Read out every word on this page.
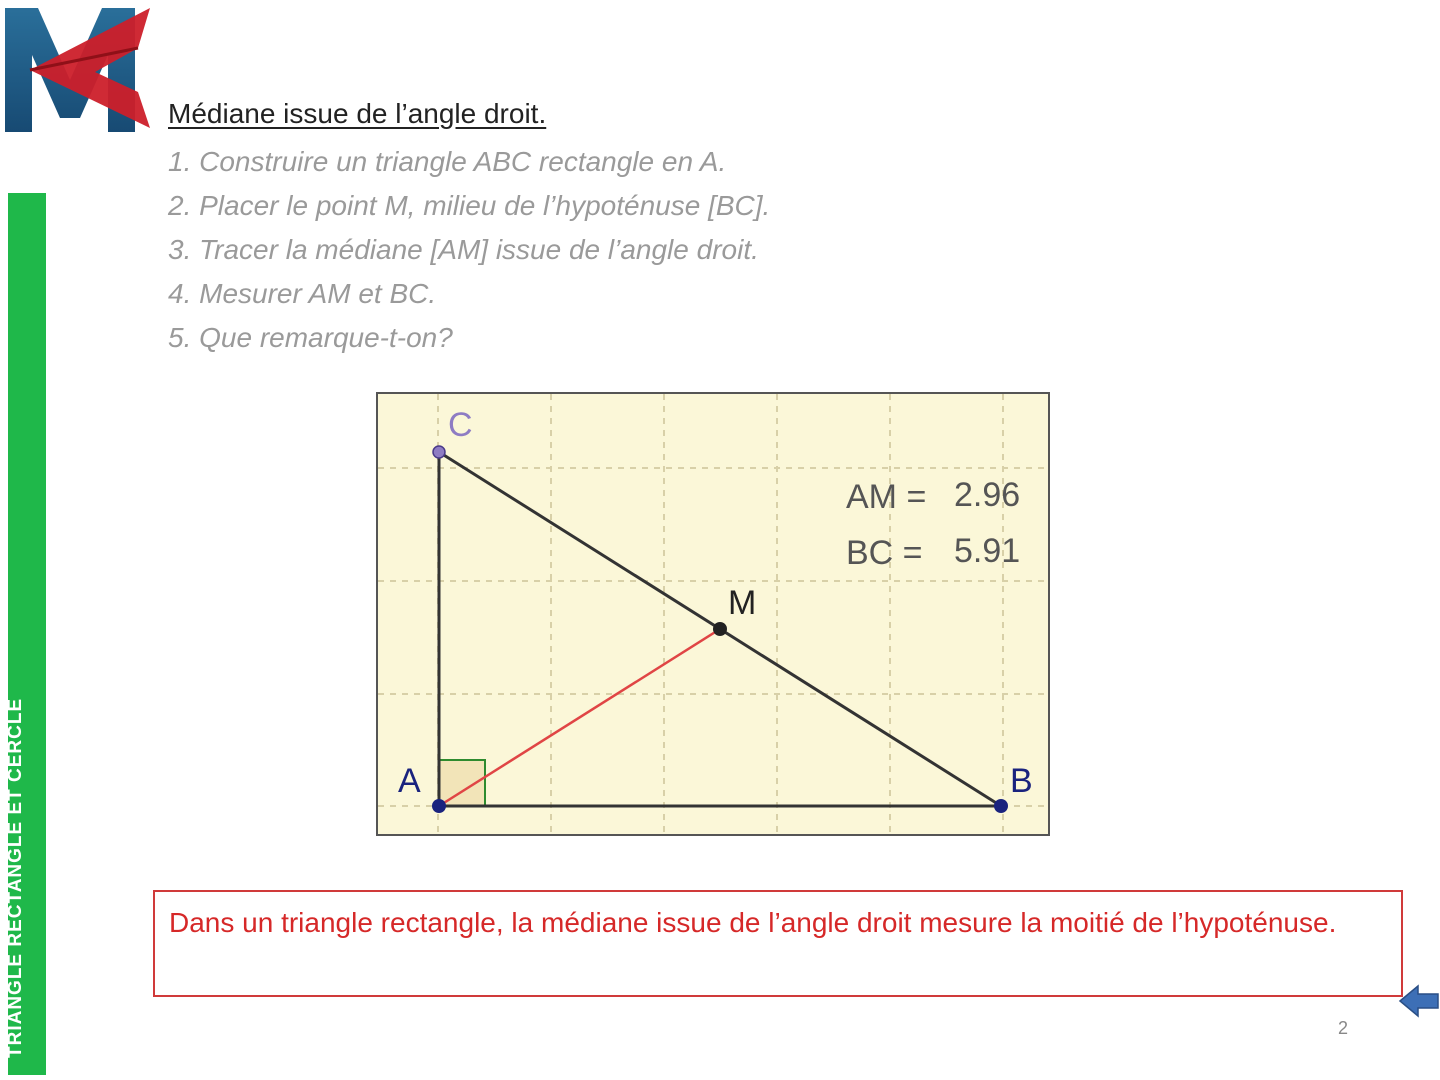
TRIANGLE RECTANGLE ET CERCLE
Médiane issue de l’angle droit.
1. Construire un triangle ABC rectangle en A.
2. Placer le point M, milieu de l’hypoténuse [BC].
3. Tracer la médiane [AM] issue de l’angle droit.
4. Mesurer AM et BC.
5. Que remarque-t-on?
A	B
C
M
AM = 2.96
BC = 5.91
Dans un triangle rectangle, la médiane issue de l’angle droit mesure la moitié de l’hypoténuse.
2
